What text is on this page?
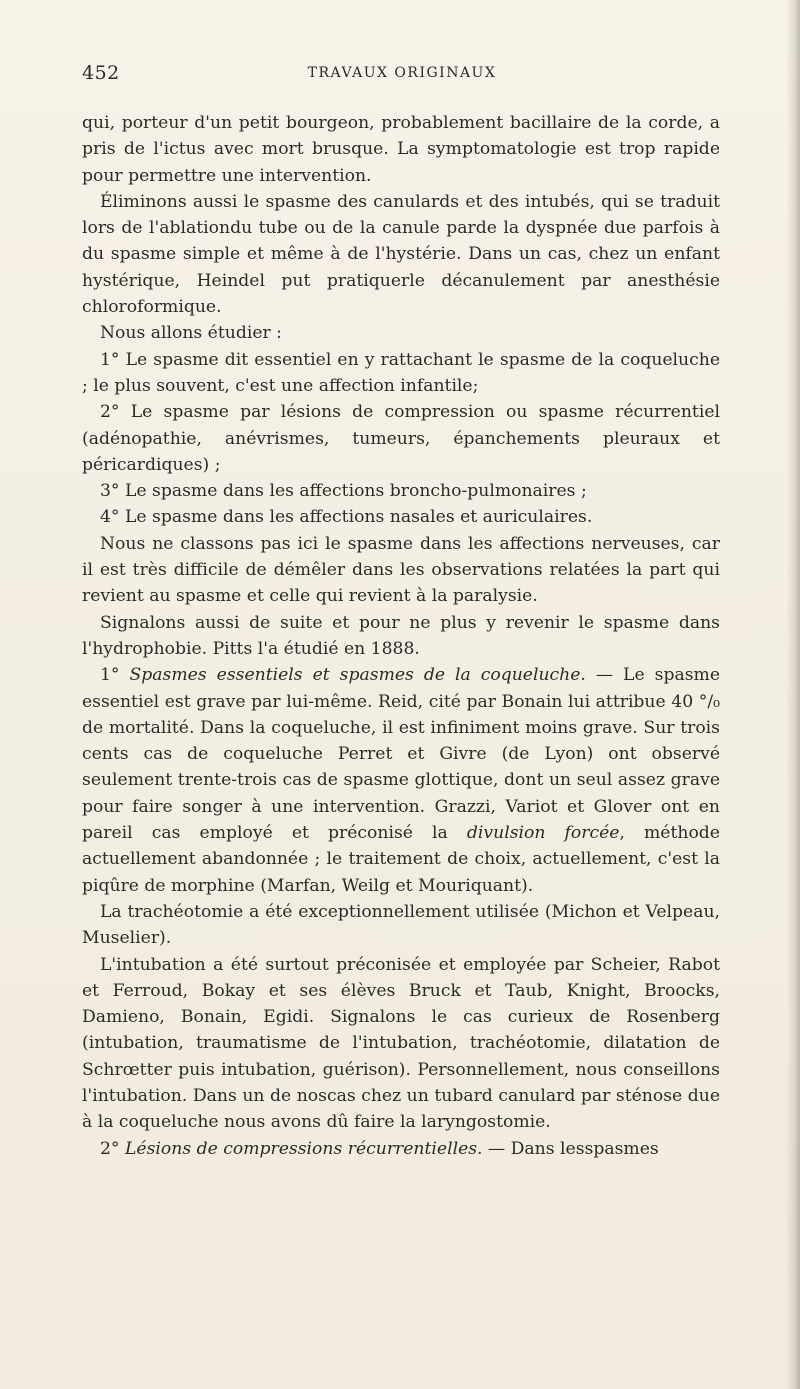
452	TRAVAUX ORIGINAUX

qui, porteur d'un petit bourgeon, probablement bacillaire de la corde, a pris de l'ictus avec mort brusque. La symptomatologie est trop rapide pour permettre une intervention.

Éliminons aussi le spasme des canulards et des intubés, qui se traduit lors de l'ablationdu tube ou de la canule parde la dyspnée due parfois à du spasme simple et même à de l'hystérie. Dans un cas, chez un enfant hystérique, Heindel put pratiquerle décanulement par anesthésie chloroformique.

Nous allons étudier :

1° Le spasme dit essentiel en y rattachant le spasme de la coqueluche ; le plus souvent, c'est une affection infantile;

2° Le spasme par lésions de compression ou spasme récurrentiel (adénopathie, anévrismes, tumeurs, épanchements pleuraux et péricardiques) ;

3° Le spasme dans les affections broncho-pulmonaires ;

4° Le spasme dans les affections nasales et auriculaires.

Nous ne classons pas ici le spasme dans les affections nerveuses, car il est très difficile de démêler dans les observations relatées la part qui revient au spasme et celle qui revient à la paralysie.

Signalons aussi de suite et pour ne plus y revenir le spasme dans l'hydrophobie. Pitts l'a étudié en 1888.

1° Spasmes essentiels et spasmes de la coqueluche. — Le spasme essentiel est grave par lui-même. Reid, cité par Bonain lui attribue 40 °/₀ de mortalité. Dans la coqueluche, il est infiniment moins grave. Sur trois cents cas de coqueluche Perret et Givre (de Lyon) ont observé seulement trente-trois cas de spasme glottique, dont un seul assez grave pour faire songer à une intervention. Grazzi, Variot et Glover ont en pareil cas employé et préconisé la divulsion forcée, méthode actuellement abandonnée ; le traitement de choix, actuellement, c'est la piqûre de morphine (Marfan, Weilg et Mouriquant).

La trachéotomie a été exceptionnellement utilisée (Michon et Velpeau, Muselier).

L'intubation a été surtout préconisée et employée par Scheier, Rabot et Ferroud, Bokay et ses élèves Bruck et Taub, Knight, Broocks, Damieno, Bonain, Egidi. Signalons le cas curieux de Rosenberg (intubation, traumatisme de l'intubation, trachéotomie, dilatation de Schrœtter puis intubation, guérison). Personnellement, nous conseillons l'intubation. Dans un de noscas chez un tubard canulard par sténose due à la coqueluche nous avons dû faire la laryngostomie.

2° Lésions de compressions récurrentielles. — Dans lesspasmes
